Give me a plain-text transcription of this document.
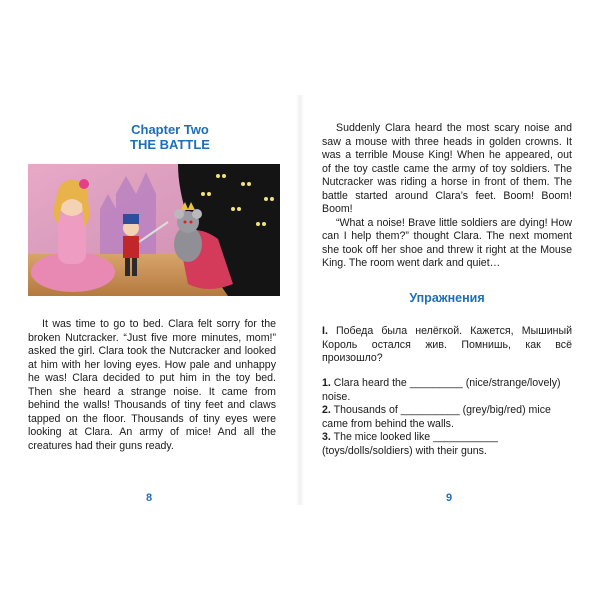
Chapter Two
THE BATTLE

It was time to go to bed. Clara felt sorry for the broken Nutcracker. “Just five more minutes, mom!” asked the girl. Clara took the Nutcracker and looked at him with her loving eyes. How pale and unhappy he was! Clara decided to put him in the toy bed. Then she heard a strange noise. It came from behind the walls! Thousands of tiny feet and claws tapped on the floor. Thousands of tiny eyes were looking at Clara. An army of mice! And all the creatures had their guns ready.

8

Suddenly Clara heard the most scary noise and saw a mouse with three heads in golden crowns. It was a terrible Mouse King! When he appeared, out of the toy castle came the army of toy soldiers. The Nutcracker was riding a horse in front of them. The battle started around Clara’s feet. Boom! Boom! Boom!

“What a noise! Brave little soldiers are dying! How can I help them?” thought Clara. The next moment she took off her shoe and threw it right at the Mouse King. The room went dark and quiet…

Упражнения
I. Победа была нелёгкой. Кажется, Мышиный Король остался жив. Помнишь, как всё произошло?

1. Clara heard the _________ (nice/strange/lovely) noise.

2. Thousands of __________ (grey/big/red) mice came from behind the walls.

3. The mice looked like ___________ (toys/dolls/soldiers) with their guns.

9
